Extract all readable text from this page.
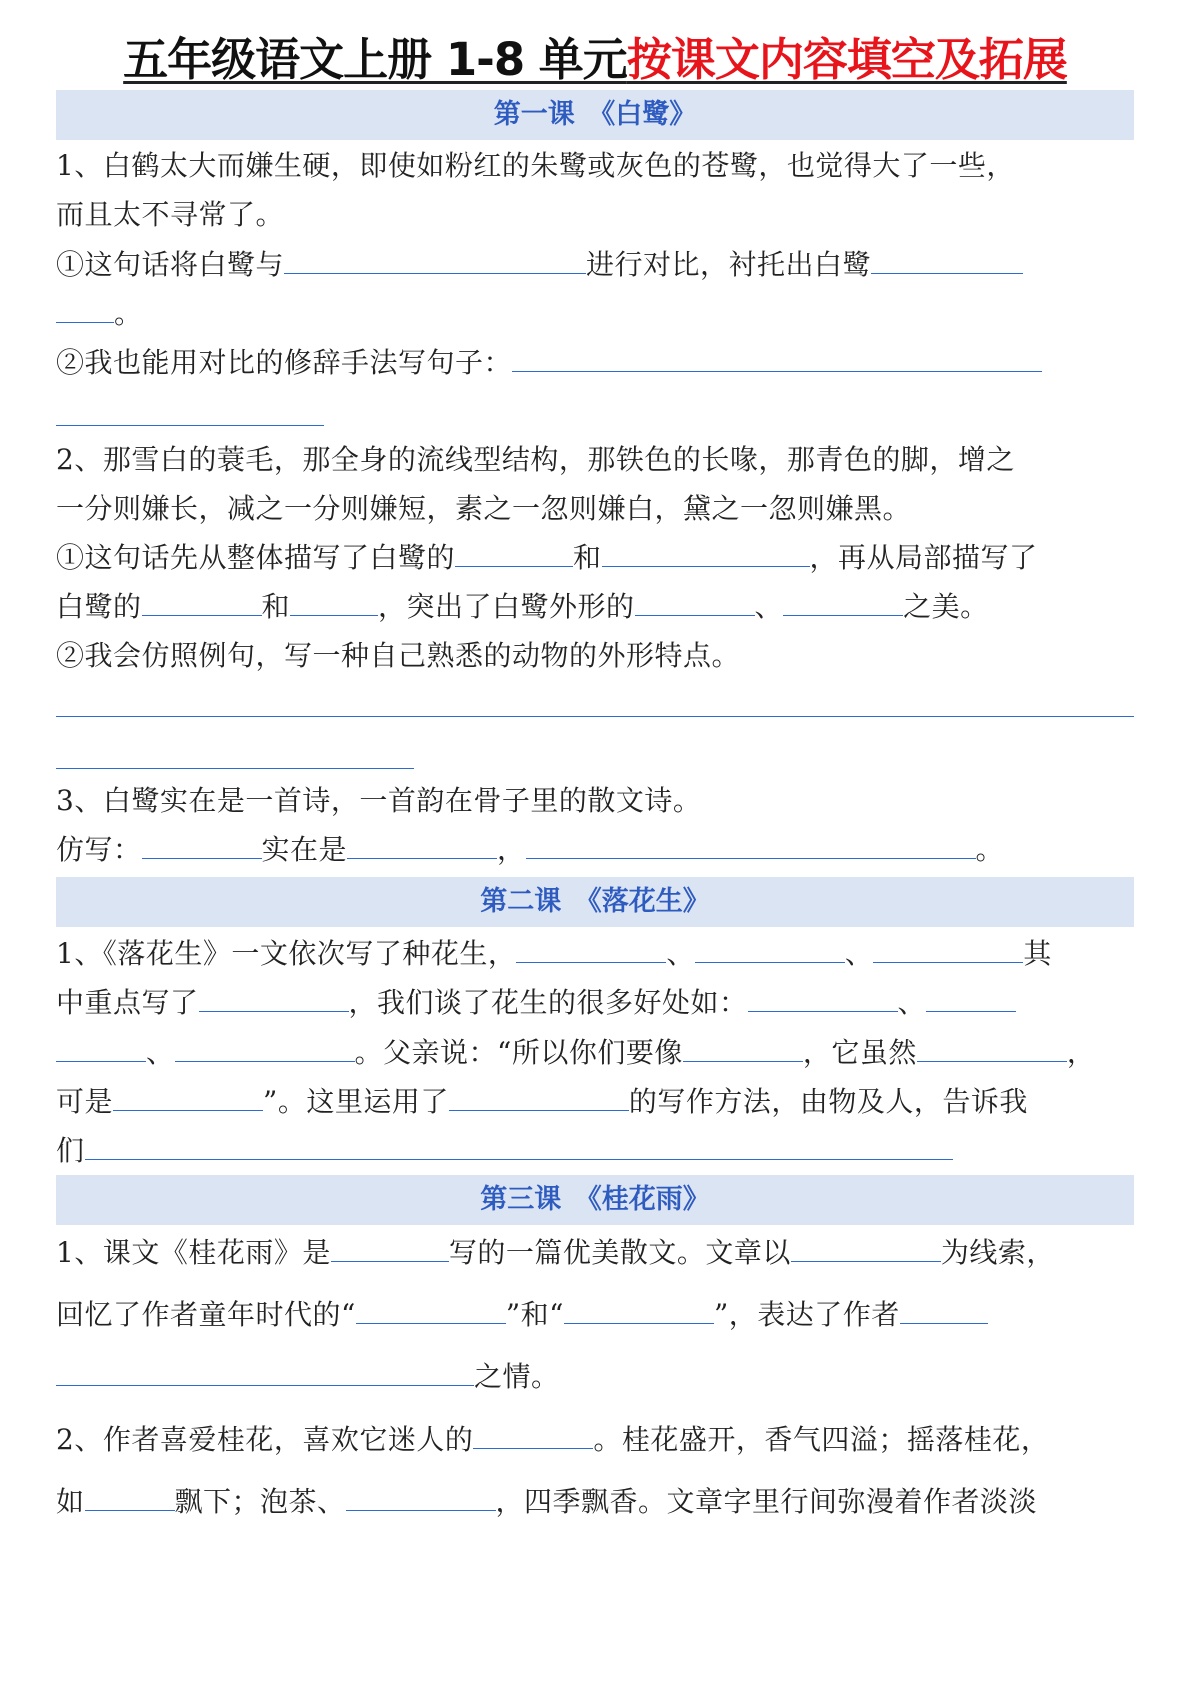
五年级语文上册 1-8 单元按课文内容填空及拓展
第一课　《白鹭》
1、白鹤太大而嫌生硬，即使如粉红的朱鹭或灰色的苍鹭，也觉得大了一些，
而且太不寻常了。
①这句话将白鹭与	进行对比，衬托出白鹭
。
②我也能用对比的修辞手法写句子：
2、那雪白的蓑毛，那全身的流线型结构，那铁色的长喙，那青色的脚，增之
一分则嫌长，减之一分则嫌短，素之一忽则嫌白，黛之一忽则嫌黑。
①这句话先从整体描写了白鹭的	和	，再从局部描写了
白鹭的	和	，突出了白鹭外形的	、	之美。
②我会仿照例句，写一种自己熟悉的动物的外形特点。
3、白鹭实在是一首诗，一首韵在骨子里的散文诗。
仿写：	实在是	，	。
第二课　《落花生》
1、《落花生》一文依次写了种花生，	、	、	其
中重点写了	，我们谈了花生的很多好处如：	、
、	。父亲说：“所以你们要像	，它虽然	，
可是	”。这里运用了	的写作方法，由物及人，告诉我
们
第三课　《桂花雨》
1、课文《桂花雨》是	写的一篇优美散文。文章以	为线索，
回忆了作者童年时代的“	”和“	”，表达了作者
之情。
2、作者喜爱桂花，喜欢它迷人的	。桂花盛开，香气四溢；摇落桂花，
如	飘下；泡茶、	，四季飘香。文章字里行间弥漫着作者淡淡
